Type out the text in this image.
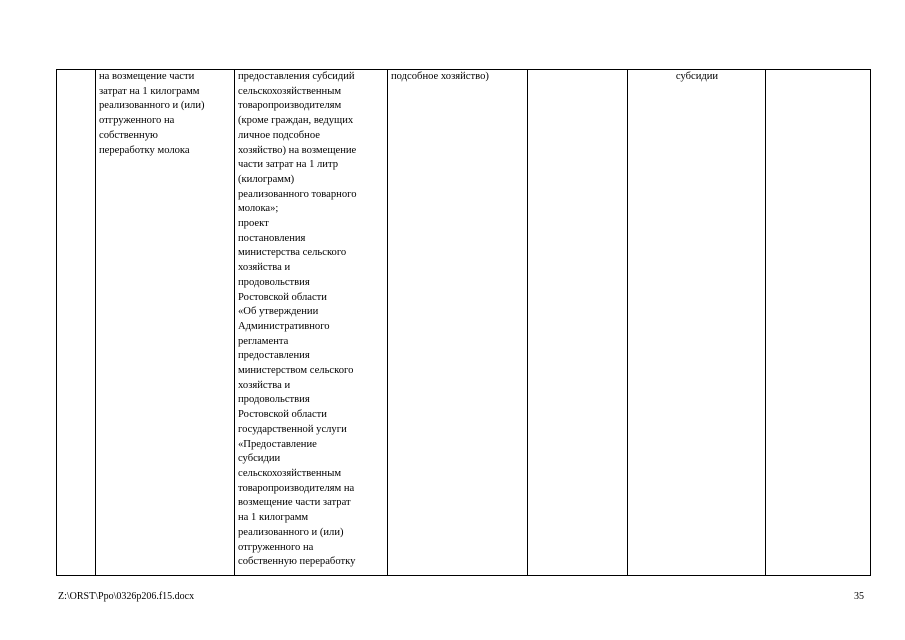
	на возмещение части
затрат на 1 килограмм
реализованного и (или)
отгруженного на
собственную
переработку молока	предоставления субсидий
сельскохозяйственным
товаропроизводителям
(кроме граждан, ведущих
личное подсобное
хозяйство) на возмещение
части затрат на 1 литр
(килограмм)
реализованного товарного
молока»;
проект
постановления
министерства сельского
хозяйства и
продовольствия
Ростовской области
«Об утверждении
Административного
регламента
предоставления
министерством сельского
хозяйства и
продовольствия
Ростовской области
государственной услуги
«Предоставление
субсидии
сельскохозяйственным
товаропроизводителям на
возмещение части затрат
на 1 килограмм
реализованного и (или)
отгруженного на
собственную переработку	подсобное хозяйство)		субсидии	
Z:\ORST\Ppo\0326p206.f15.docx	35
